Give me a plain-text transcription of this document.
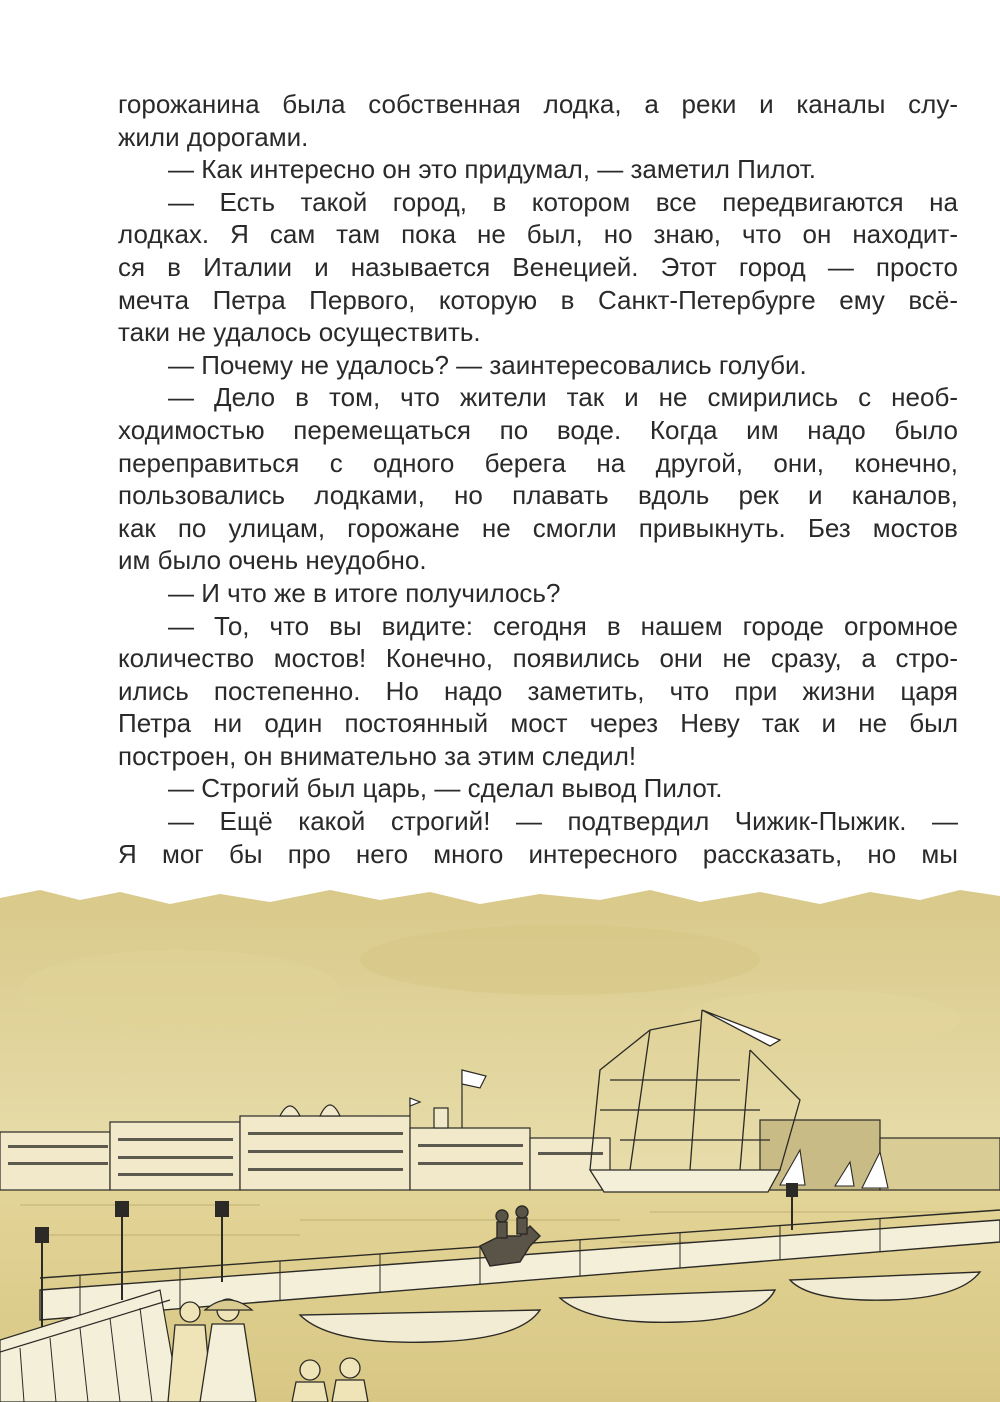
горожанина была собственная лодка, а реки и каналы слу-
жили дорогами.
— Как интересно он это придумал, — заметил Пилот.
— Есть такой город, в котором все передвигаются на
лодках. Я сам там пока не был, но знаю, что он находит-
ся в Италии и называется Венецией. Этот город — просто
мечта Петра Первого, которую в Санкт-Петербурге ему всё-
таки не удалось осуществить.
— Почему не удалось? — заинтересовались голуби.
— Дело в том, что жители так и не смирились с необ-
ходимостью перемещаться по воде. Когда им надо было
переправиться с одного берега на другой, они, конечно,
пользовались лодками, но плавать вдоль рек и каналов,
как по улицам, горожане не смогли привыкнуть. Без мостов
им было очень неудобно.
— И что же в итоге получилось?
— То, что вы видите: сегодня в нашем городе огромное
количество мостов! Конечно, появились они не сразу, а стро-
ились постепенно. Но надо заметить, что при жизни царя
Петра ни один постоянный мост через Неву так и не был
построен, он внимательно за этим следил!
— Строгий был царь, — сделал вывод Пилот.
— Ещё какой строгий! — подтвердил Чижик-Пыжик. —
Я мог бы про него много интересного рассказать, но мы
